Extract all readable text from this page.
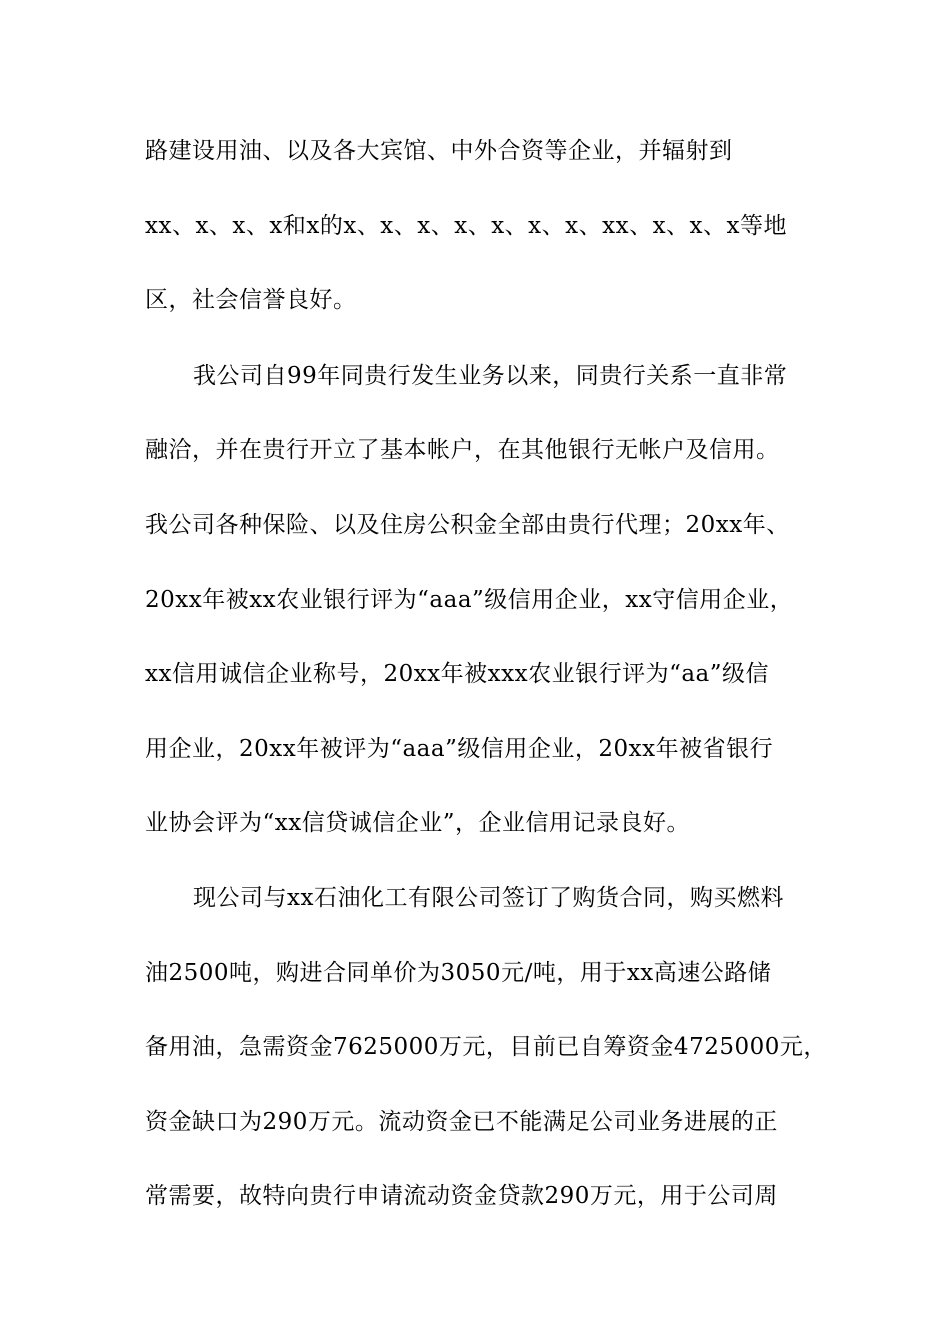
路建设用油、以及各大宾馆、中外合资等企业，并辐射到
xx、x、x、x和x的x、x、x、x、x、x、x、xx、x、x、x等地
区，社会信誉良好。
我公司自99年同贵行发生业务以来，同贵行关系一直非常
融洽，并在贵行开立了基本帐户，在其他银行无帐户及信用。
我公司各种保险、以及住房公积金全部由贵行代理；20xx年、
20xx年被xx农业银行评为“aaa”级信用企业，xx守信用企业，
xx信用诚信企业称号，20xx年被xxx农业银行评为“aa”级信
用企业，20xx年被评为“aaa”级信用企业，20xx年被省银行
业协会评为“xx信贷诚信企业”，企业信用记录良好。
现公司与xx石油化工有限公司签订了购货合同，购买燃料
油2500吨，购进合同单价为3050元/吨，用于xx高速公路储
备用油，急需资金7625000万元，目前已自筹资金4725000元，
资金缺口为290万元。流动资金已不能满足公司业务进展的正
常需要，故特向贵行申请流动资金贷款290万元，用于公司周
